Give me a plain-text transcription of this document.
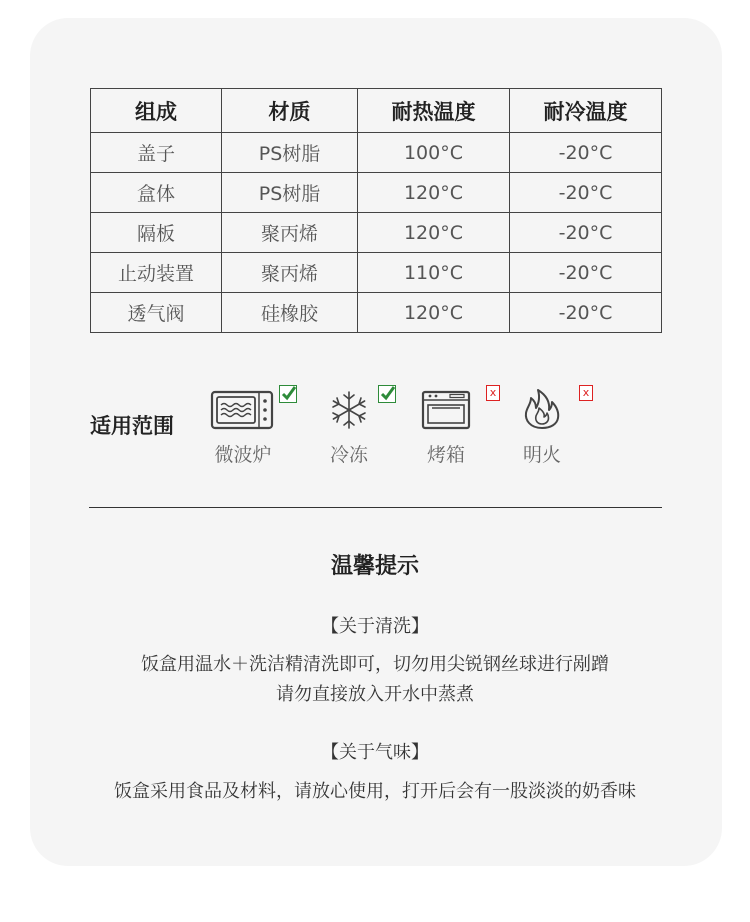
组成	材质	耐热温度	耐冷温度
盖子	PS树脂	100°C	-20°C
盒体	PS树脂	120°C	-20°C
隔板	聚丙烯	120°C	-20°C
止动装置	聚丙烯	110°C	-20°C
透气阀	硅橡胶	120°C	-20°C
适用范围
微波炉	冷冻	烤箱
x
明火
x
温馨提示
【关于清洗】
饭盒用温水＋洗洁精清洗即可，切勿用尖锐钢丝球进行剐蹭
请勿直接放入开水中蒸煮
【关于气味】
饭盒采用食品及材料，请放心使用，打开后会有一股淡淡的奶香味
